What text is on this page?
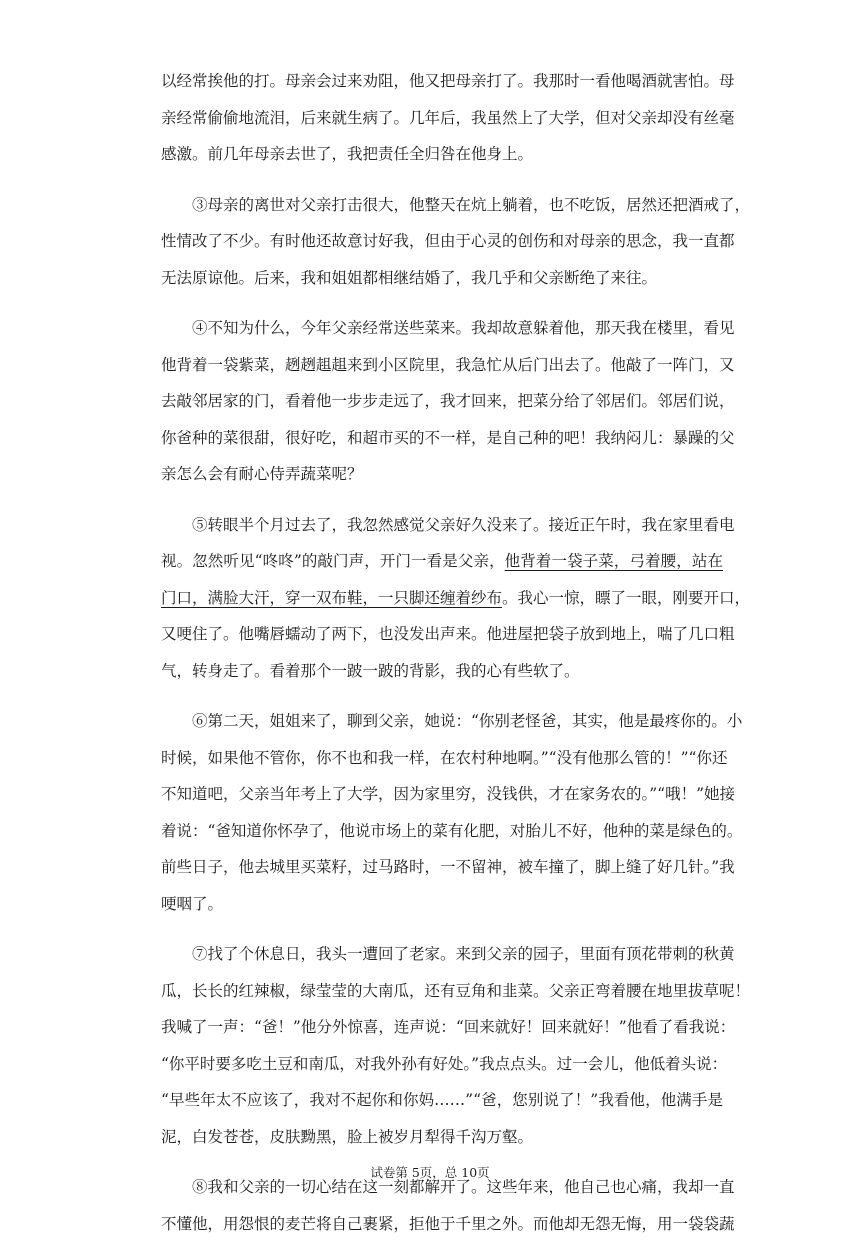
以经常挨他的打。母亲会过来劝阻，他又把母亲打了。我那时一看他喝酒就害怕。母
亲经常偷偷地流泪，后来就生病了。几年后，我虽然上了大学，但对父亲却没有丝毫
感激。前几年母亲去世了，我把责任全归咎在他身上。
③母亲的离世对父亲打击很大，他整天在炕上躺着，也不吃饭，居然还把酒戒了，
性情改了不少。有时他还故意讨好我，但由于心灵的创伤和对母亲的思念，我一直都
无法原谅他。后来，我和姐姐都相继结婚了，我几乎和父亲断绝了来往。
④不知为什么，今年父亲经常送些菜来。我却故意躲着他，那天我在楼里，看见
他背着一袋紫菜，趔趔趄趄来到小区院里，我急忙从后门出去了。他敲了一阵门，又
去敲邻居家的门，看着他一步步走远了，我才回来，把菜分给了邻居们。邻居们说，
你爸种的菜很甜，很好吃，和超市买的不一样，是自己种的吧！我纳闷儿：暴躁的父
亲怎么会有耐心侍弄蔬菜呢？
⑤转眼半个月过去了，我忽然感觉父亲好久没来了。接近正午时，我在家里看电
视。忽然听见“咚咚”的敲门声，开门一看是父亲，他背着一袋子菜，弓着腰，站在
门口，满脸大汗，穿一双布鞋，一只脚还缠着纱布。我心一惊，瞟了一眼，刚要开口，
又哽住了。他嘴唇蠕动了两下，也没发出声来。他进屋把袋子放到地上，喘了几口粗
气，转身走了。看着那个一跛一跛的背影，我的心有些软了。
⑥第二天，姐姐来了，聊到父亲，她说：“你别老怪爸，其实，他是最疼你的。小
时候，如果他不管你，你不也和我一样，在农村种地啊。”“没有他那么管的！”“你还
不知道吧，父亲当年考上了大学，因为家里穷，没钱供，才在家务农的。”“哦！”她接
着说：“爸知道你怀孕了，他说市场上的菜有化肥，对胎儿不好，他种的菜是绿色的。
前些日子，他去城里买菜籽，过马路时，一不留神，被车撞了，脚上缝了好几针。”我
哽咽了。
⑦找了个休息日，我头一遭回了老家。来到父亲的园子，里面有顶花带刺的秋黄
瓜，长长的红辣椒，绿莹莹的大南瓜，还有豆角和韭菜。父亲正弯着腰在地里拔草呢！
我喊了一声：“爸！”他分外惊喜，连声说：“回来就好！回来就好！”他看了看我说：
“你平时要多吃土豆和南瓜，对我外孙有好处。”我点点头。过一会儿，他低着头说：
“早些年太不应该了，我对不起你和你妈……”“爸，您别说了！”我看他，他满手是
泥，白发苍苍，皮肤黝黑，脸上被岁月犁得千沟万壑。
⑧我和父亲的一切心结在这一刻都解开了。这些年来，他自己也心痛，我却一直
不懂他，用怨恨的麦芒将自己裹紧，拒他于千里之外。而他却无怨无悔，用一袋袋蔬
试卷第 5页，总 10页
